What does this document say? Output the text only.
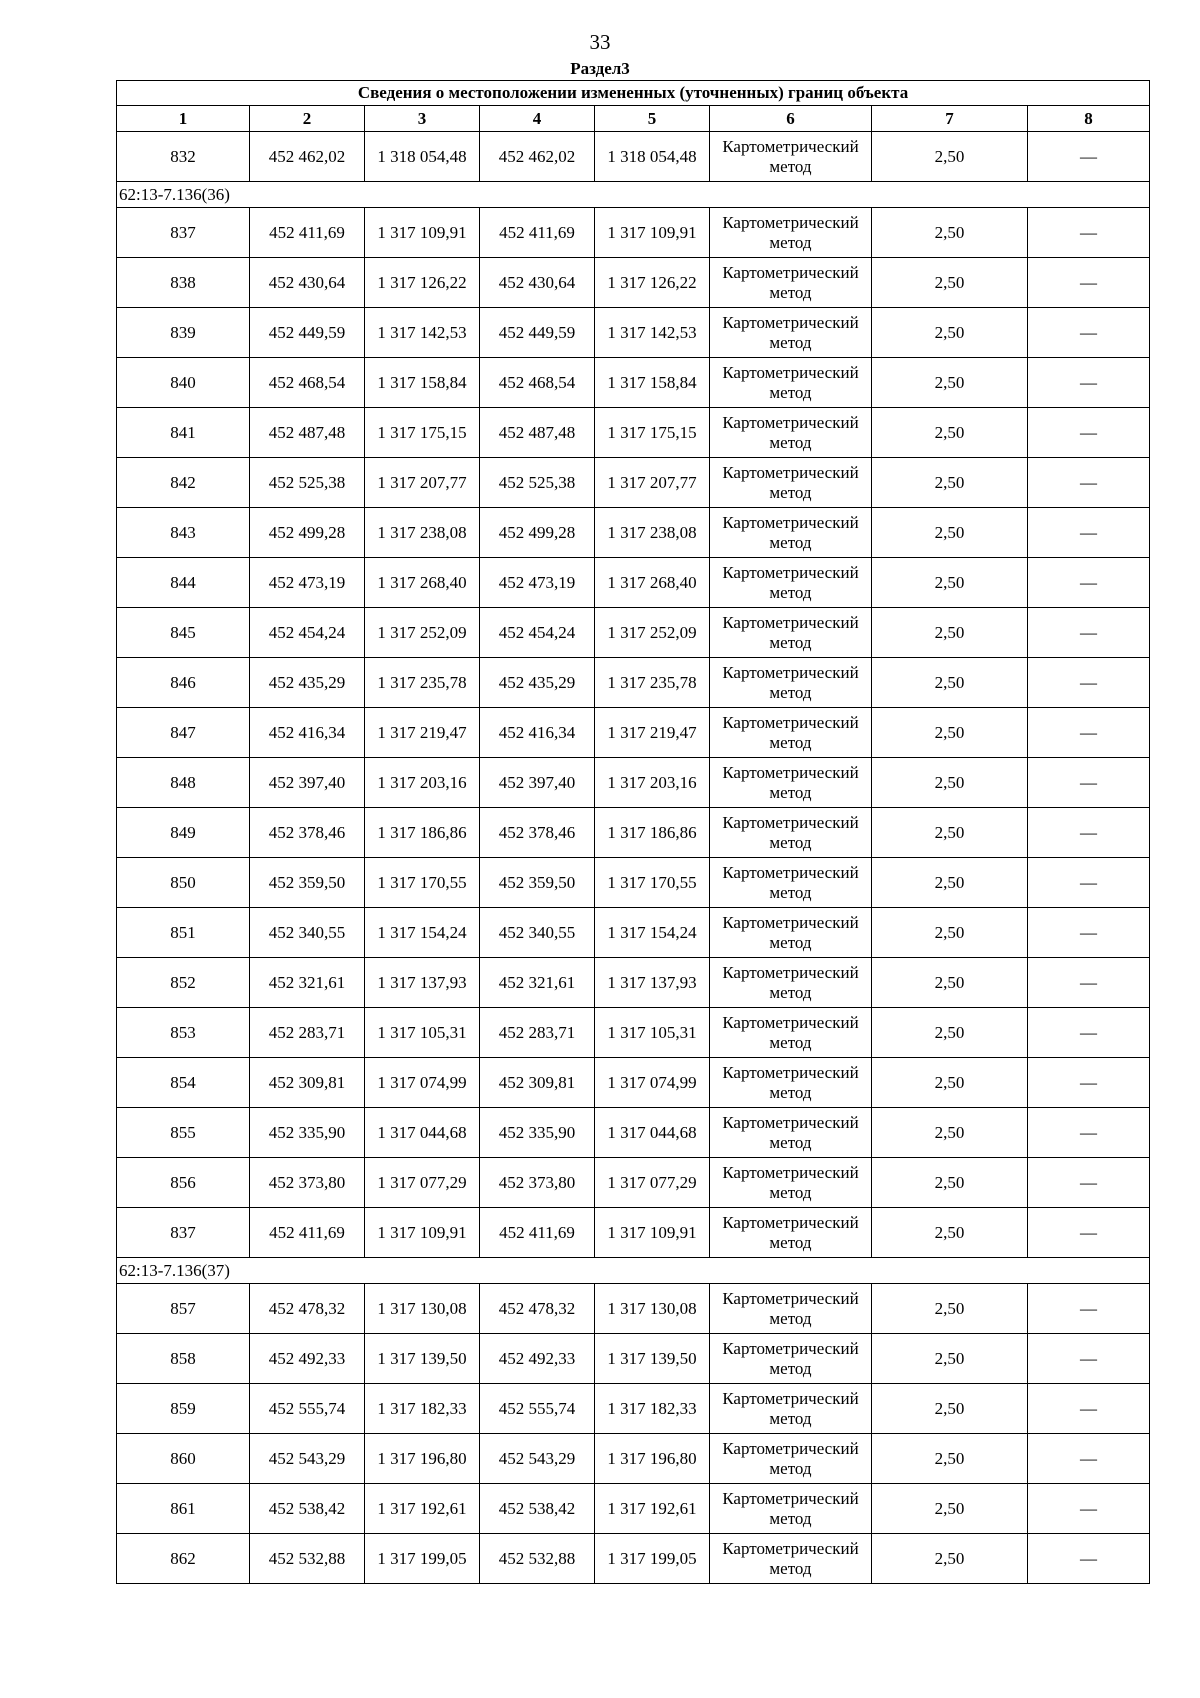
33
Раздел3
Сведения о местоположении измененных (уточненных) границ объекта							
1	2	3	4	5	6	7	8
832	452 462,02	1 318 054,48	452 462,02	1 318 054,48	Картометрический метод	2,50	—
62:13-7.136(36)							
837	452 411,69	1 317 109,91	452 411,69	1 317 109,91	Картометрический метод	2,50	—
838	452 430,64	1 317 126,22	452 430,64	1 317 126,22	Картометрический метод	2,50	—
839	452 449,59	1 317 142,53	452 449,59	1 317 142,53	Картометрический метод	2,50	—
840	452 468,54	1 317 158,84	452 468,54	1 317 158,84	Картометрический метод	2,50	—
841	452 487,48	1 317 175,15	452 487,48	1 317 175,15	Картометрический метод	2,50	—
842	452 525,38	1 317 207,77	452 525,38	1 317 207,77	Картометрический метод	2,50	—
843	452 499,28	1 317 238,08	452 499,28	1 317 238,08	Картометрический метод	2,50	—
844	452 473,19	1 317 268,40	452 473,19	1 317 268,40	Картометрический метод	2,50	—
845	452 454,24	1 317 252,09	452 454,24	1 317 252,09	Картометрический метод	2,50	—
846	452 435,29	1 317 235,78	452 435,29	1 317 235,78	Картометрический метод	2,50	—
847	452 416,34	1 317 219,47	452 416,34	1 317 219,47	Картометрический метод	2,50	—
848	452 397,40	1 317 203,16	452 397,40	1 317 203,16	Картометрический метод	2,50	—
849	452 378,46	1 317 186,86	452 378,46	1 317 186,86	Картометрический метод	2,50	—
850	452 359,50	1 317 170,55	452 359,50	1 317 170,55	Картометрический метод	2,50	—
851	452 340,55	1 317 154,24	452 340,55	1 317 154,24	Картометрический метод	2,50	—
852	452 321,61	1 317 137,93	452 321,61	1 317 137,93	Картометрический метод	2,50	—
853	452 283,71	1 317 105,31	452 283,71	1 317 105,31	Картометрический метод	2,50	—
854	452 309,81	1 317 074,99	452 309,81	1 317 074,99	Картометрический метод	2,50	—
855	452 335,90	1 317 044,68	452 335,90	1 317 044,68	Картометрический метод	2,50	—
856	452 373,80	1 317 077,29	452 373,80	1 317 077,29	Картометрический метод	2,50	—
837	452 411,69	1 317 109,91	452 411,69	1 317 109,91	Картометрический метод	2,50	—
62:13-7.136(37)							
857	452 478,32	1 317 130,08	452 478,32	1 317 130,08	Картометрический метод	2,50	—
858	452 492,33	1 317 139,50	452 492,33	1 317 139,50	Картометрический метод	2,50	—
859	452 555,74	1 317 182,33	452 555,74	1 317 182,33	Картометрический метод	2,50	—
860	452 543,29	1 317 196,80	452 543,29	1 317 196,80	Картометрический метод	2,50	—
861	452 538,42	1 317 192,61	452 538,42	1 317 192,61	Картометрический метод	2,50	—
862	452 532,88	1 317 199,05	452 532,88	1 317 199,05	Картометрический метод	2,50	—
